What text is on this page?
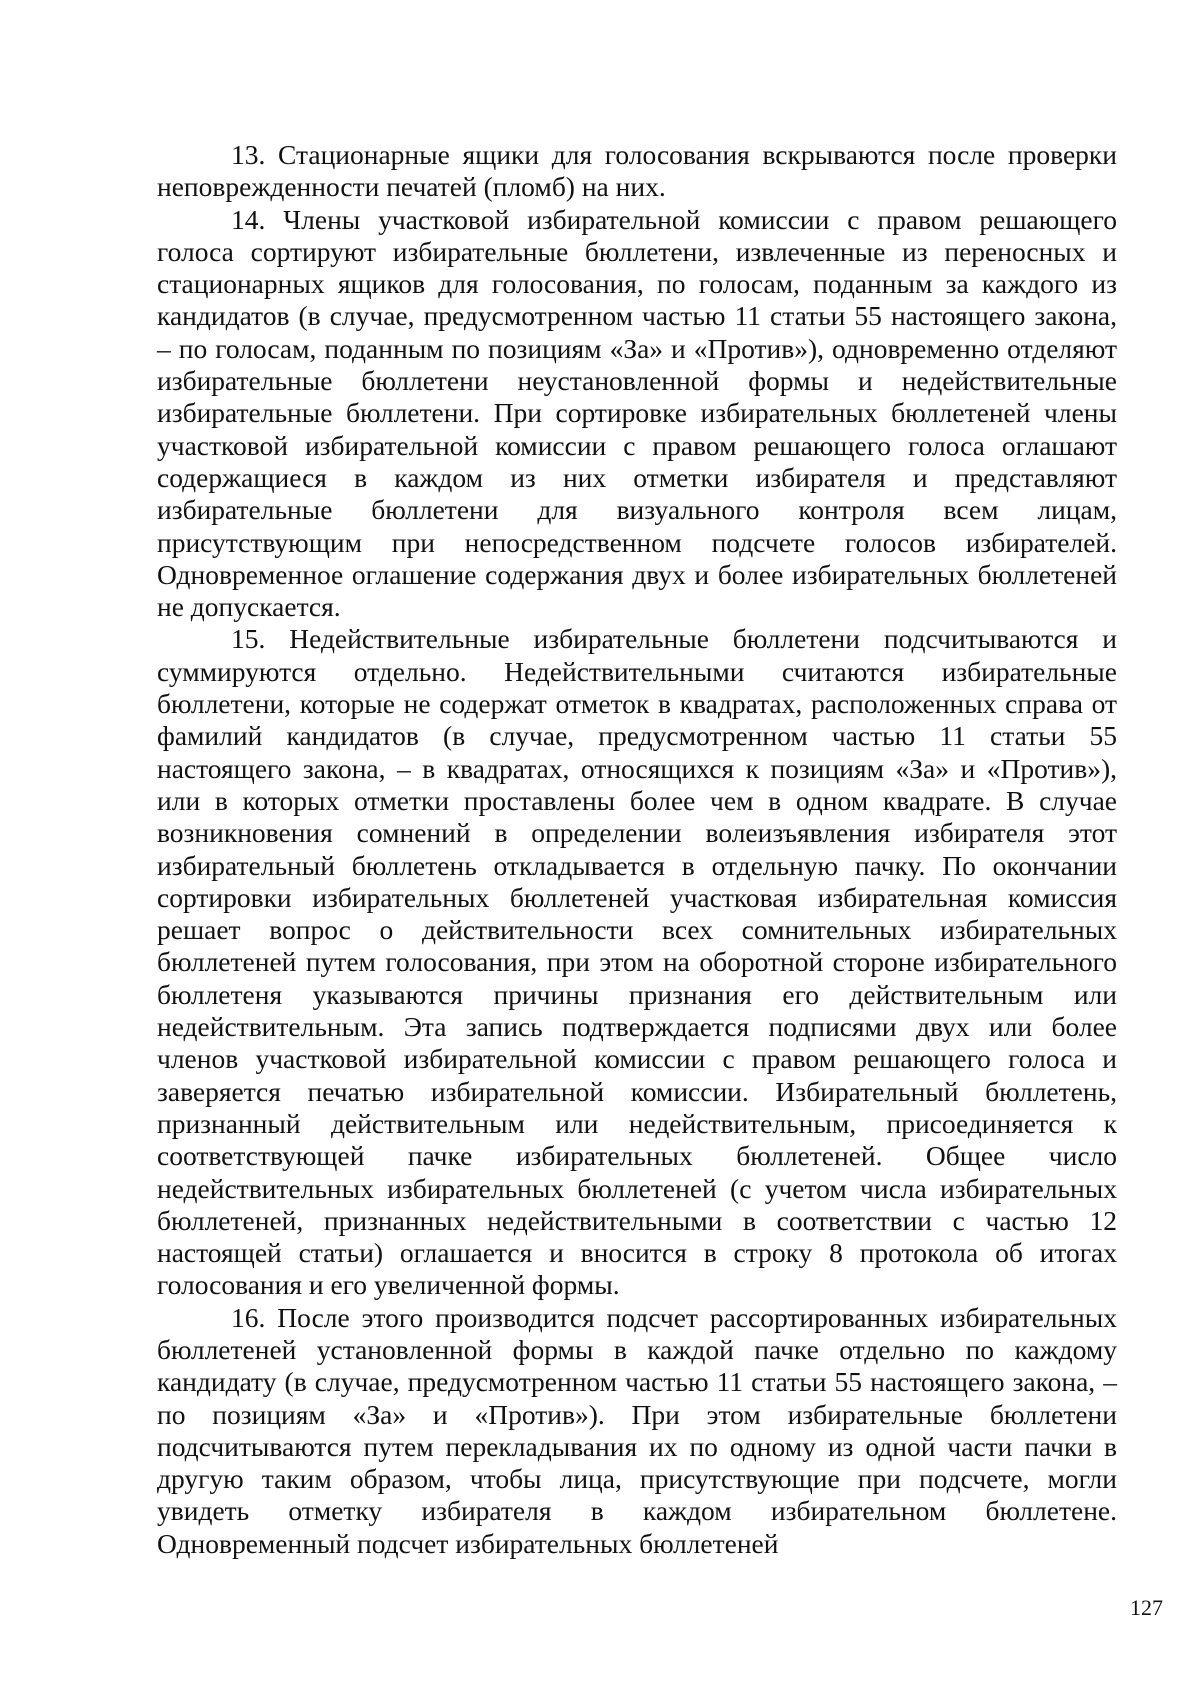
13. Стационарные ящики для голосования вскрываются после проверки неповрежденности печатей (пломб) на них.

14. Члены участковой избирательной комиссии с правом решающего голоса сортируют избирательные бюллетени, извлеченные из переносных и стационарных ящиков для голосования, по голосам, поданным за каждого из кандидатов (в случае, предусмотренном частью 11 статьи 55 настоящего закона, – по голосам, поданным по позициям «За» и «Против»), одновременно отделяют избирательные бюллетени неустановленной формы и недействительные избирательные бюллетени. При сортировке избирательных бюллетеней члены участковой избирательной комиссии с правом решающего голоса оглашают содержащиеся в каждом из них отметки избирателя и представляют избирательные бюллетени для визуального контроля всем лицам, присутствующим при непосредственном подсчете голосов избирателей. Одновременное оглашение содержания двух и более избирательных бюллетеней не допускается.

15. Недействительные избирательные бюллетени подсчитываются и суммируются отдельно. Недействительными считаются избирательные бюллетени, которые не содержат отметок в квадратах, расположенных справа от фамилий кандидатов (в случае, предусмотренном частью 11 статьи 55 настоящего закона, – в квадратах, относящихся к позициям «За» и «Против»), или в которых отметки проставлены более чем в одном квадрате. В случае возникновения сомнений в определении волеизъявления избирателя этот избирательный бюллетень откладывается в отдельную пачку. По окончании сортировки избирательных бюллетеней участковая избирательная комиссия решает вопрос о действительности всех сомнительных избирательных бюллетеней путем голосования, при этом на оборотной стороне избирательного бюллетеня указываются причины признания его действительным или недействительным. Эта запись подтверждается подписями двух или более членов участковой избирательной комиссии с правом решающего голоса и заверяется печатью избирательной комиссии. Избирательный бюллетень, признанный действительным или недействительным, присоединяется к соответствующей пачке избирательных бюллетеней. Общее число недействительных избирательных бюллетеней (с учетом числа избирательных бюллетеней, признанных недействительными в соответствии с частью 12 настоящей статьи) оглашается и вносится в строку 8 протокола об итогах голосования и его увеличенной формы.

16. После этого производится подсчет рассортированных избирательных бюллетеней установленной формы в каждой пачке отдельно по каждому кандидату (в случае, предусмотренном частью 11 статьи 55 настоящего закона, – по позициям «За» и «Против»). При этом избирательные бюллетени подсчитываются путем перекладывания их по одному из одной части пачки в другую таким образом, чтобы лица, присутствующие при подсчете, могли увидеть отметку избирателя в каждом избирательном бюллетене. Одновременный подсчет избирательных бюллетеней

127
